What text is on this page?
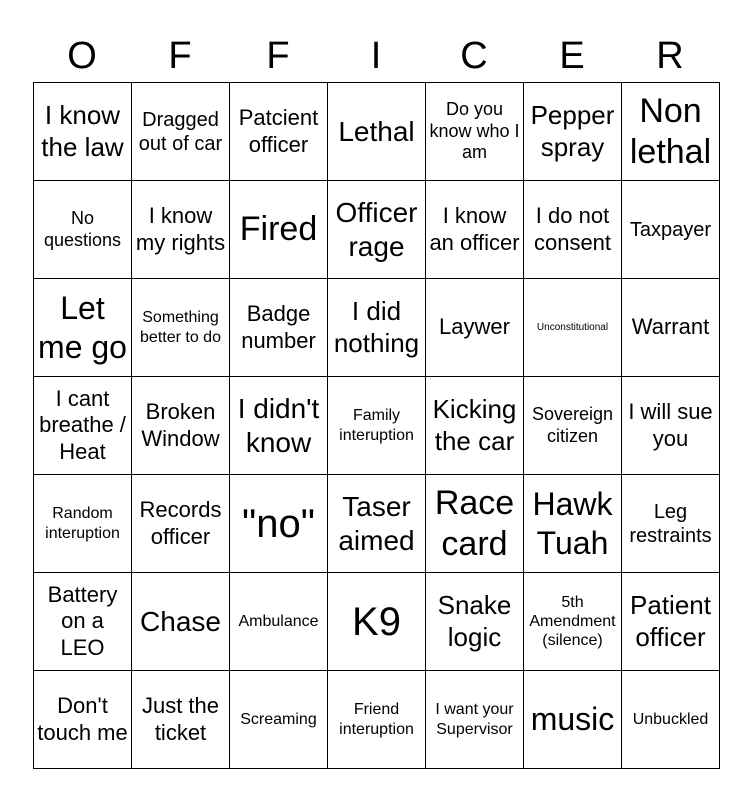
O	F	F	I	C	E	R
I know the law	Dragged out of car	Patcient officer	Lethal	Do you know who I am	Pepper spray	Non lethal
No questions	I know my rights	Fired	Officer rage	I know an officer	I do not consent	Taxpayer
Let me go	Something better to do	Badge number	I did nothing	Laywer	Unconstitutional	Warrant
I cant breathe / Heat	Broken Window	I didn't know	Family interuption	Kicking the car	Sovereign citizen	I will sue you
Random interuption	Records officer	"no"	Taser aimed	Race card	Hawk Tuah	Leg restraints
Battery on a LEO	Chase	Ambulance	K9	Snake logic	5th Amendment (silence)	Patient officer
Don't touch me	Just the ticket	Screaming	Friend interuption	I want your Supervisor	music	Unbuckled
